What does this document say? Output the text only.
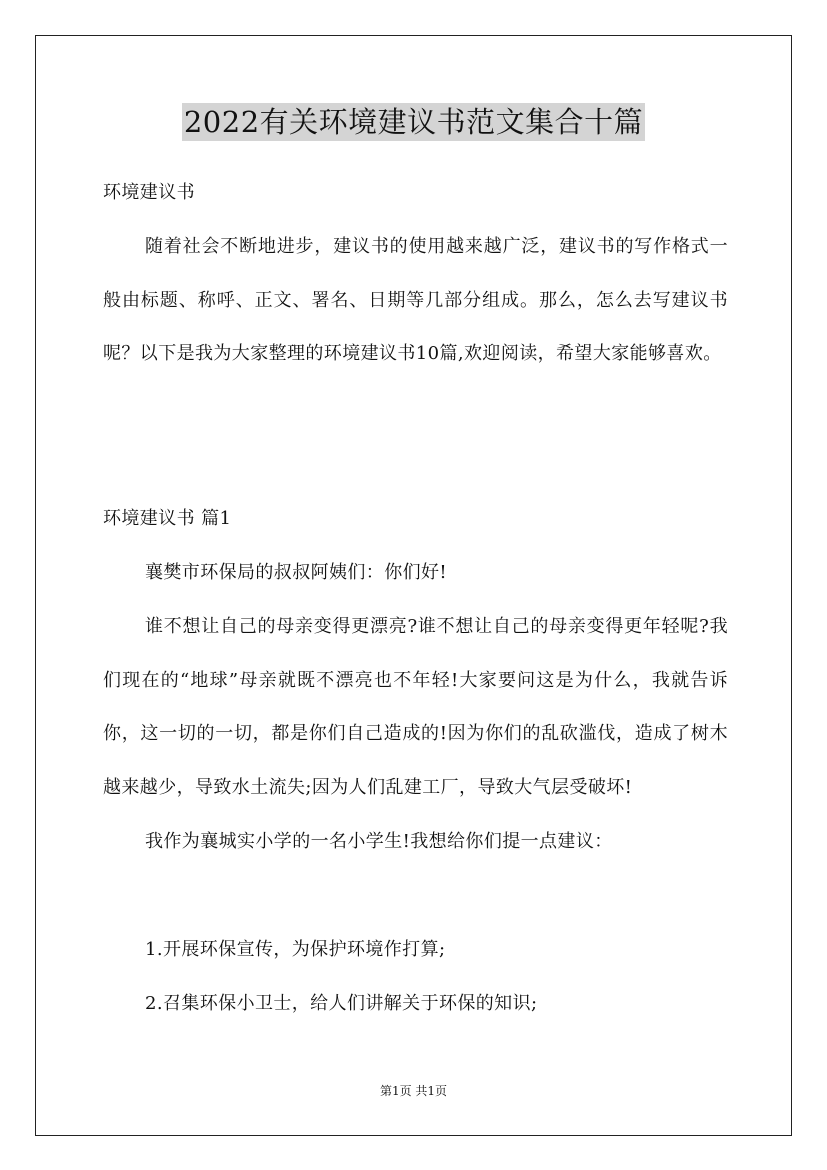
2022有关环境建议书范文集合十篇

环境建议书

随着社会不断地进步，建议书的使用越来越广泛，建议书的写作格式一般由标题、称呼、正文、署名、日期等几部分组成。那么，怎么去写建议书呢？以下是我为大家整理的环境建议书10篇,欢迎阅读，希望大家能够喜欢。

环境建议书 篇1

襄樊市环保局的叔叔阿姨们：你们好!

谁不想让自己的母亲变得更漂亮?谁不想让自己的母亲变得更年轻呢?我们现在的“地球”母亲就既不漂亮也不年轻!大家要问这是为什么，我就告诉你，这一切的一切，都是你们自己造成的!因为你们的乱砍滥伐，造成了树木越来越少，导致水土流失;因为人们乱建工厂，导致大气层受破坏!

我作为襄城实小学的一名小学生!我想给你们提一点建议：

1.开展环保宣传，为保护环境作打算;

2.召集环保小卫士，给人们讲解关于环保的知识;

第1页 共1页
